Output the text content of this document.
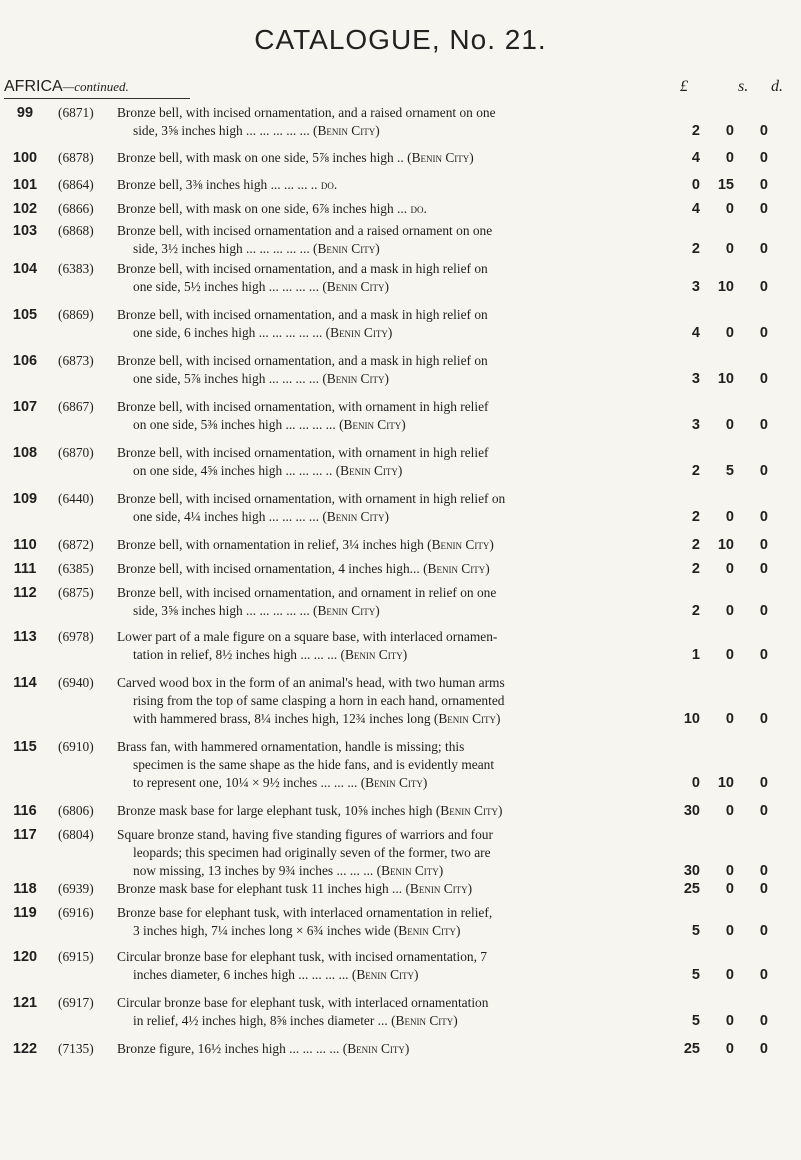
CATALOGUE, No. 21.
AFRICA—continued.	£	s. d.
99	(6871) Bronze bell, with incised ornamentation, and a raised ornament on one
side, 3⅝ inches high ... ... ... ... ... (Benin City)	2 0 0
100	(6878) Bronze bell, with mask on one side, 5⅞ inches high .. (Benin City)	4 0 0
101	(6864) Bronze bell, 3⅜ inches high ... ... ... .. do.	0 15 0
102	(6866) Bronze bell, with mask on one side, 6⅞ inches high ... do.	4 0 0
103	(6868) Bronze bell, with incised ornamentation and a raised ornament on one
side, 3½ inches high ... ... ... ... ... (Benin City)	2 0 0
104	(6383) Bronze bell, with incised ornamentation, and a mask in high relief on
one side, 5½ inches high ... ... ... ... (Benin City)	3 10 0
105	(6869) Bronze bell, with incised ornamentation, and a mask in high relief on
one side, 6 inches high ... ... ... ... ... (Benin City)	4 0 0
106	(6873) Bronze bell, with incised ornamentation, and a mask in high relief on
one side, 5⅞ inches high ... ... ... ... (Benin City)	3 10 0
107	(6867) Bronze bell, with incised ornamentation, with ornament in high relief
on one side, 5⅜ inches high ... ... ... ... (Benin City)	3 0 0
108	(6870) Bronze bell, with incised ornamentation, with ornament in high relief
on one side, 4⅝ inches high ... ... ... .. (Benin City)	2 5 0
109	(6440) Bronze bell, with incised ornamentation, with ornament in high relief on
one side, 4¼ inches high ... ... ... ... (Benin City)	2 0 0
110	(6872) Bronze bell, with ornamentation in relief, 3¼ inches high (Benin City)	2 10 0
111	(6385) Bronze bell, with incised ornamentation, 4 inches high... (Benin City)	2 0 0
112	(6875) Bronze bell, with incised ornamentation, and ornament in relief on one
side, 3⅝ inches high ... ... ... ... ... (Benin City)	2 0 0
113	(6978) Lower part of a male figure on a square base, with interlaced ornamen-
tation in relief, 8½ inches high ... ... ... (Benin City)	1 0 0
114	(6940) Carved wood box in the form of an animal's head, with two human arms
rising from the top of same clasping a horn in each hand, ornamented
with hammered brass, 8¼ inches high, 12¾ inches long (Benin City)	10 0 0
115	(6910) Brass fan, with hammered ornamentation, handle is missing; this
specimen is the same shape as the hide fans, and is evidently meant
to represent one, 10¼ × 9½ inches ... ... ... (Benin City)	0 10 0
116	(6806) Bronze mask base for large elephant tusk, 10⅝ inches high (Benin City)	30 0 0
117	(6804) Square bronze stand, having five standing figures of warriors and four
leopards; this specimen had originally seven of the former, two are
now missing, 13 inches by 9¾ inches ... ... ... (Benin City)	30 0 0
118	(6939) Bronze mask base for elephant tusk 11 inches high ... (Benin City)	25 0 0
119	(6916) Bronze base for elephant tusk, with interlaced ornamentation in relief,
3 inches high, 7¼ inches long × 6¾ inches wide (Benin City)	5 0 0
120	(6915) Circular bronze base for elephant tusk, with incised ornamentation, 7
inches diameter, 6 inches high ... ... ... ... (Benin City)	5 0 0
121	(6917) Circular bronze base for elephant tusk, with interlaced ornamentation
in relief, 4½ inches high, 8⅝ inches diameter ... (Benin City)	5 0 0
122	(7135) Bronze figure, 16½ inches high ... ... ... ... (Benin City)	25 0 0
